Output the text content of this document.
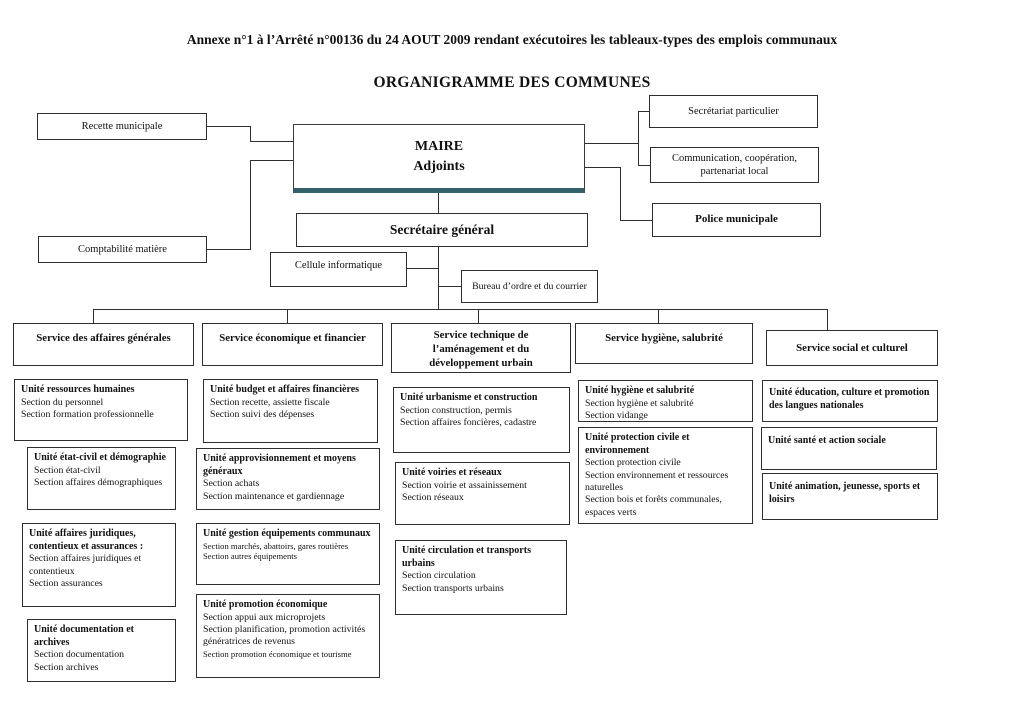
Annexe n°1 à l’Arrêté n°00136 du 24 AOUT 2009 rendant exécutoires les tableaux-types des emplois communaux
ORGANIGRAMME DES COMMUNES
Recette municipale
Comptabilité matière
MAIRE
Adjoints
Secrétariat particulier
Communication, coopération, partenariat local
Police municipale
Secrétaire général
Cellule informatique
Bureau d’ordre et du courrier
Service des affaires générales	Service économique et financier	Service technique de l’aménagement et du développement urbain
Service hygiène, salubrité
Service social et culturel
Unité ressources humaines
Section du personnel
Section formation professionnelle
Unité état-civil et démographie
Section état-civil
Section affaires démographiques
Unité affaires juridiques, contentieux et assurances :
Section affaires juridiques et contentieux
Section assurances
Unité documentation et archives
Section documentation
Section archives
Unité budget et affaires financières
Section recette, assiette fiscale
Section suivi des dépenses
Unité approvisionnement et moyens généraux
Section achats
Section maintenance et gardiennage
Unité gestion équipements communaux
Section marchés, abattoirs, gares routières
Section autres équipements
Unité promotion économique
Section appui aux microprojets
Section planification, promotion activités génératrices de revenus
Section promotion économique et tourisme
Unité urbanisme et construction
Section construction, permis
Section affaires foncières, cadastre
Unité voiries et réseaux
Section voirie et assainissement
Section réseaux
Unité circulation et transports urbains
Section circulation
Section transports urbains
Unité hygiène et salubrité
Section hygiène et salubrité
Section vidange
Unité protection civile et environnement
Section protection civile
Section environnement et ressources naturelles
Section bois et forêts communales, espaces verts
Unité éducation, culture et promotion des langues nationales
Unité santé et action sociale
Unité animation, jeunesse, sports et loisirs
